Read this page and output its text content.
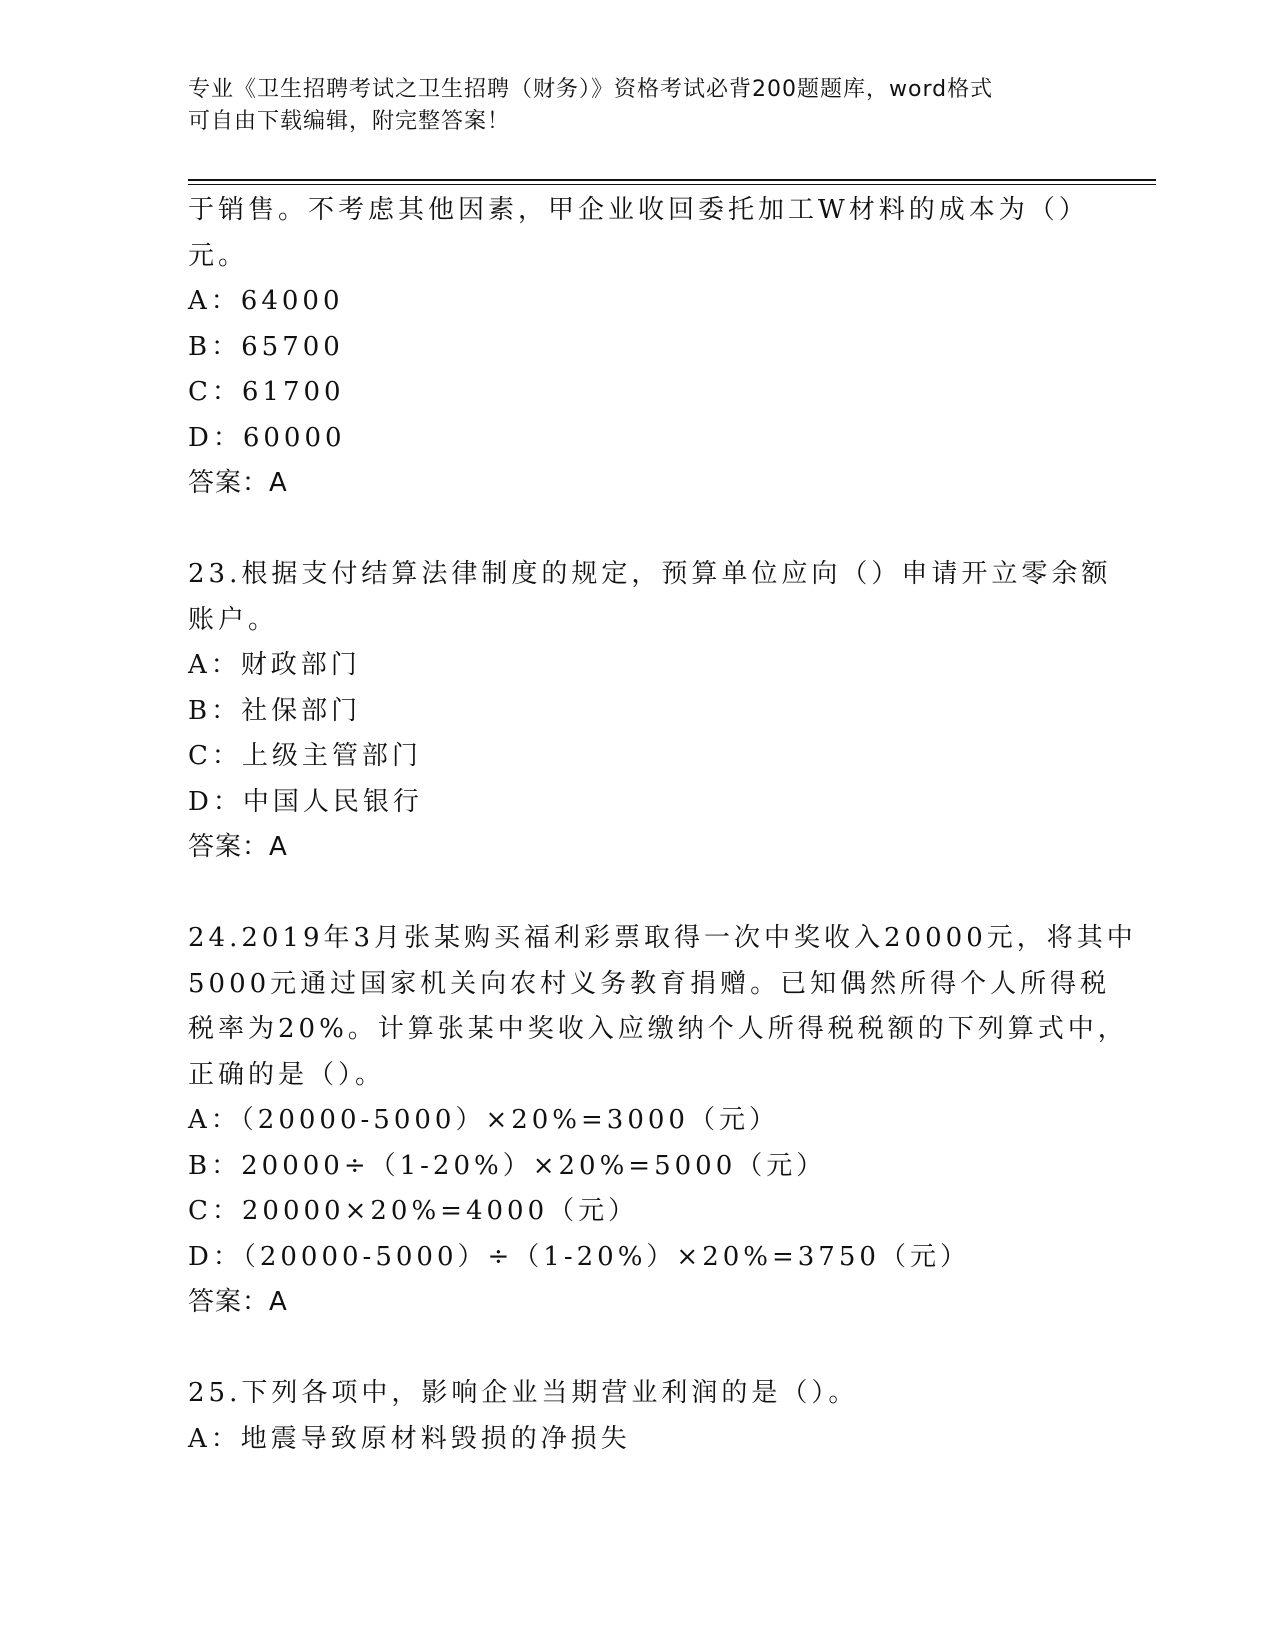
专业《卫生招聘考试之卫生招聘（财务）》资格考试必背200题题库，word格式
可自由下载编辑，附完整答案！
于销售。不考虑其他因素，甲企业收回委托加工W材料的成本为（）
元。
A：64000
B：65700
C：61700
D：60000
答案：A
23.根据支付结算法律制度的规定，预算单位应向（）申请开立零余额
账户。
A：财政部门
B：社保部门
C：上级主管部门
D：中国人民银行
答案：A
24.2019年3月张某购买福利彩票取得一次中奖收入20000元，将其中
5000元通过国家机关向农村义务教育捐赠。已知偶然所得个人所得税
税率为20%。计算张某中奖收入应缴纳个人所得税税额的下列算式中，
正确的是（）。
A：（20000-5000）×20%=3000（元）
B：20000÷（1-20%）×20%=5000（元）
C：20000×20%=4000（元）
D：（20000-5000）÷（1-20%）×20%=3750（元）
答案：A
25.下列各项中，影响企业当期营业利润的是（）。
A：地震导致原材料毁损的净损失
